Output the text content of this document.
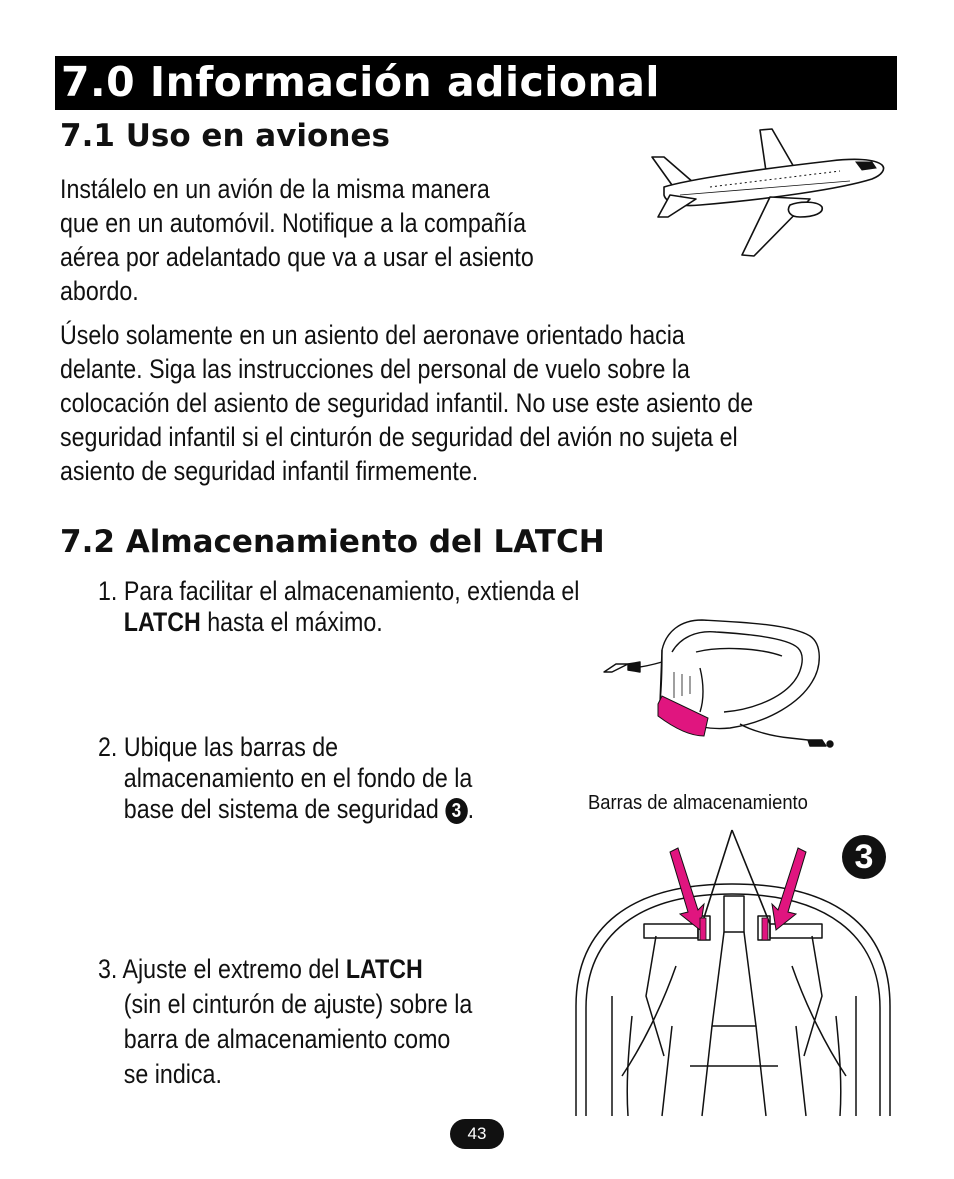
7.0 Información adicional
7.1 Uso en aviones
Instálelo en un avión de la misma manera
que en un automóvil. Notifique a la compañía
aérea por adelantado que va a usar el asiento
abordo.
Úselo solamente en un asiento del aeronave orientado hacia
delante. Siga las instrucciones del personal de vuelo sobre la
colocación del asiento de seguridad infantil. No use este asiento de
seguridad infantil si el cinturón de seguridad del avión no sujeta el
asiento de seguridad infantil firmemente.
7.2 Almacenamiento del LATCH
1. Para facilitar el almacenamiento, extienda el
LATCH hasta el máximo.
2. Ubique las barras de
almacenamiento en el fondo de la
base del sistema de seguridad 3 .	Barras de almacenamiento
3
3. Ajuste el extremo del LATCH
(sin el cinturón de ajuste) sobre la
barra de almacenamiento como
se indica.
43
